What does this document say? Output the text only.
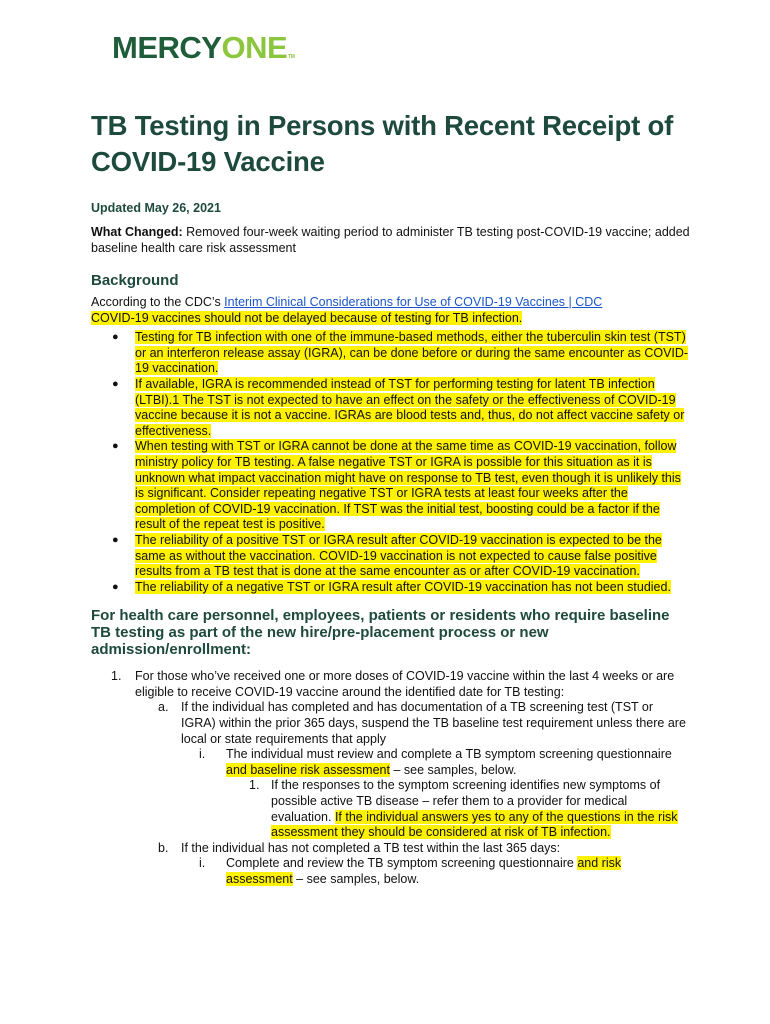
MERCYONETM
TB Testing in Persons with Recent Receipt of COVID-19 Vaccine
Updated May 26, 2021
What Changed: Removed four-week waiting period to administer TB testing post-COVID-19 vaccine; added baseline health care risk assessment
Background
According to the CDC’s Interim Clinical Considerations for Use of COVID-19 Vaccines | CDC
COVID-19 vaccines should not be delayed because of testing for TB infection.
● Testing for TB infection with one of the immune-based methods, either the tuberculin skin test (TST) or an interferon release assay (IGRA), can be done before or during the same encounter as COVID-19 vaccination.
● If available, IGRA is recommended instead of TST for performing testing for latent TB infection (LTBI).1 The TST is not expected to have an effect on the safety or the effectiveness of COVID-19 vaccine because it is not a vaccine. IGRAs are blood tests and, thus, do not affect vaccine safety or effectiveness.
● When testing with TST or IGRA cannot be done at the same time as COVID-19 vaccination, follow ministry policy for TB testing. A false negative TST or IGRA is possible for this situation as it is unknown what impact vaccination might have on response to TB test, even though it is unlikely this is significant. Consider repeating negative TST or IGRA tests at least four weeks after the completion of COVID-19 vaccination. If TST was the initial test, boosting could be a factor if the result of the repeat test is positive.
● The reliability of a positive TST or IGRA result after COVID-19 vaccination is expected to be the same as without the vaccination. COVID-19 vaccination is not expected to cause false positive results from a TB test that is done at the same encounter as or after COVID-19 vaccination.
● The reliability of a negative TST or IGRA result after COVID-19 vaccination has not been studied.
For health care personnel, employees, patients or residents who require baseline TB testing as part of the new hire/pre-placement process or new admission/enrollment:
1. For those who’ve received one or more doses of COVID-19 vaccine within the last 4 weeks or are eligible to receive COVID-19 vaccine around the identified date for TB testing:
a. If the individual has completed and has documentation of a TB screening test (TST or IGRA) within the prior 365 days, suspend the TB baseline test requirement unless there are local or state requirements that apply
i. The individual must review and complete a TB symptom screening questionnaire and baseline risk assessment – see samples, below.
1. If the responses to the symptom screening identifies new symptoms of possible active TB disease – refer them to a provider for medical evaluation. If the individual answers yes to any of the questions in the risk assessment they should be considered at risk of TB infection.
b. If the individual has not completed a TB test within the last 365 days:
i. Complete and review the TB symptom screening questionnaire and risk assessment – see samples, below.
